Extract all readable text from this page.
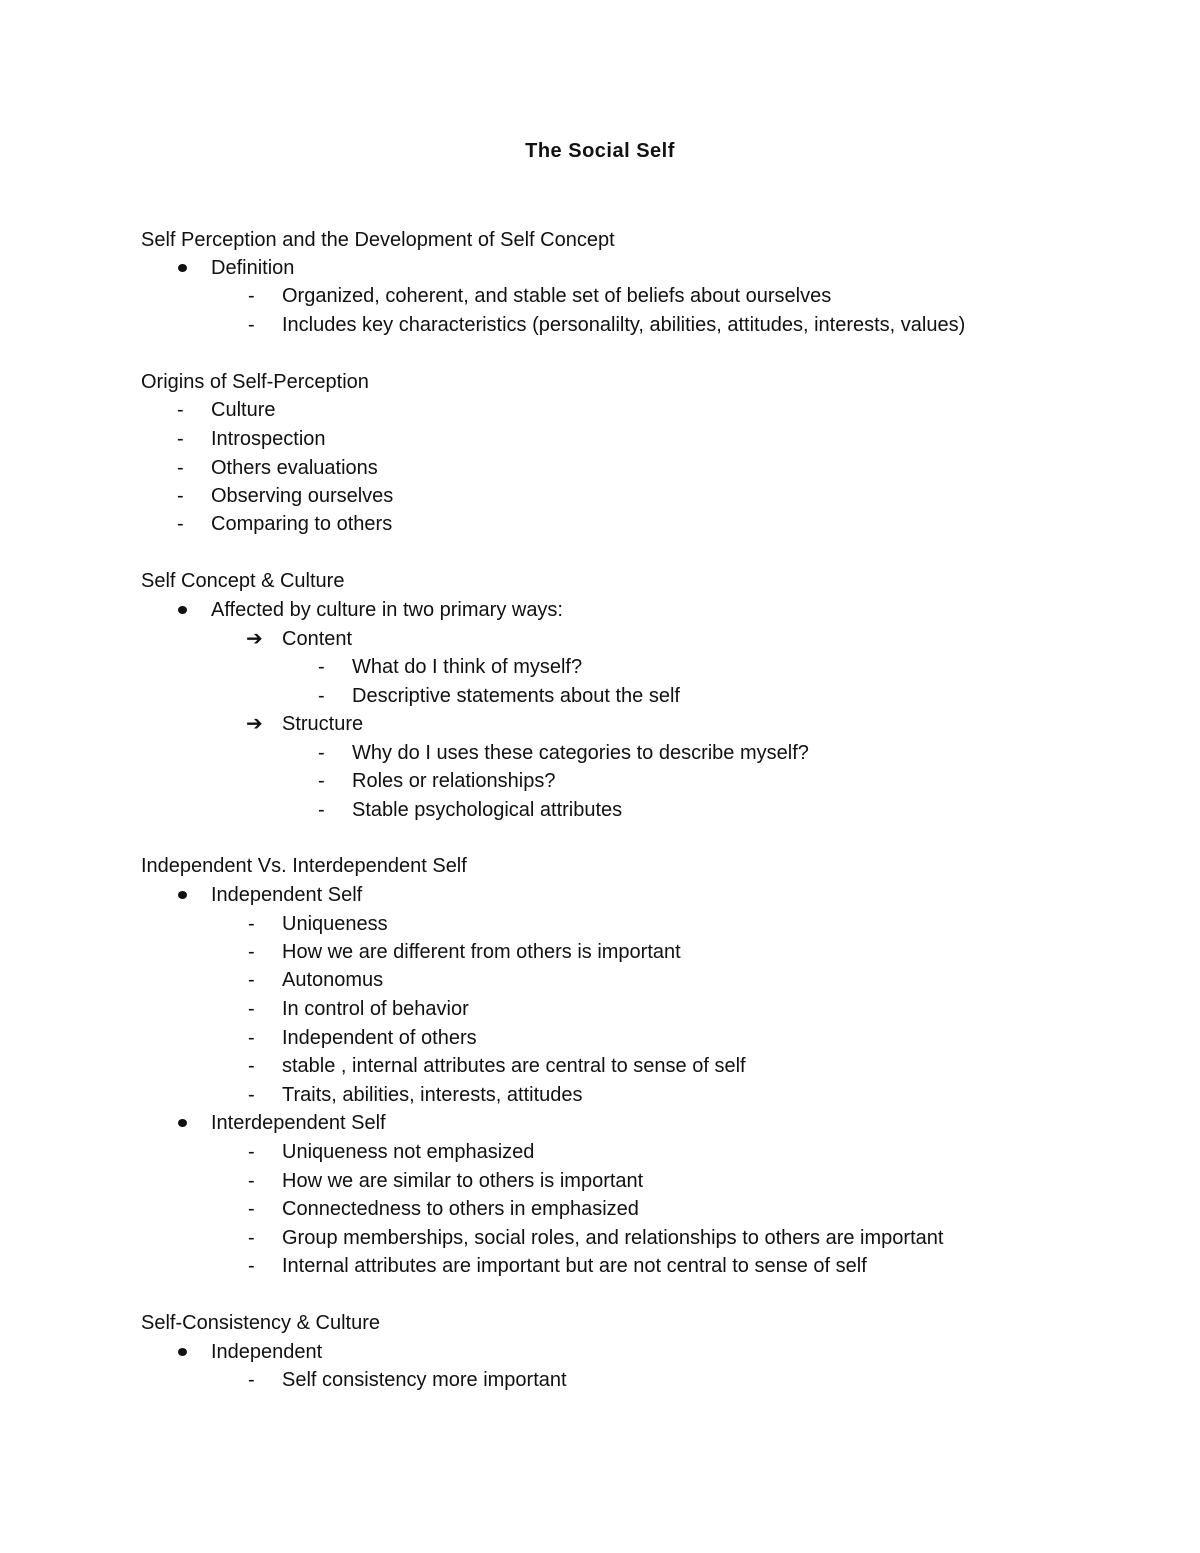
The Social Self
Self Perception and the Development of Self Concept
Definition
- Organized, coherent, and stable set of beliefs about ourselves
- Includes key characteristics (personalilty, abilities, attitudes, interests, values)
Origins of Self-Perception
- Culture
- Introspection
- Others evaluations
- Observing ourselves
- Comparing to others
Self Concept & Culture
Affected by culture in two primary ways:
➔ Content
- What do I think of myself?
- Descriptive statements about the self
➔ Structure
- Why do I uses these categories to describe myself?
- Roles or relationships?
- Stable psychological attributes
Independent Vs. Interdependent Self
Independent Self
- Uniqueness
- How we are different from others is important
- Autonomus
- In control of behavior
- Independent of others
- stable , internal attributes are central to sense of self
- Traits, abilities, interests, attitudes
Interdependent Self
- Uniqueness not emphasized
- How we are similar to others is important
- Connectedness to others in emphasized
- Group memberships, social roles, and relationships to others are important
- Internal attributes are important but are not central to sense of self
Self-Consistency & Culture
Independent
- Self consistency more important
